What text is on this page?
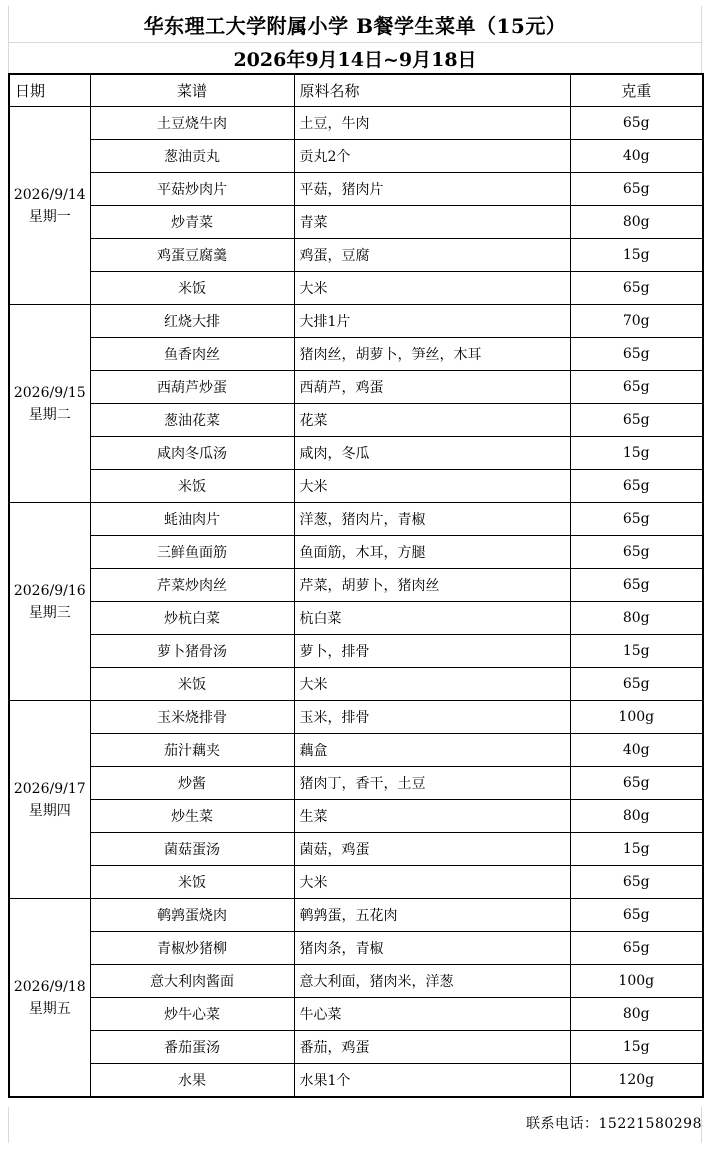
华东理工大学附属小学 B餐学生菜单（15元）
2026年9月14日~9月18日
日期	菜谱	原料名称	克重

2026/9/14
星期一	土豆烧牛肉	土豆，牛肉	65g
	葱油贡丸	贡丸2个	40g
	平菇炒肉片	平菇，猪肉片	65g
	炒青菜	青菜	80g
	鸡蛋豆腐羹	鸡蛋，豆腐	15g
	米饭	大米	65g

2026/9/15
星期二	红烧大排	大排1片	70g
	鱼香肉丝	猪肉丝，胡萝卜，笋丝，木耳	65g
	西葫芦炒蛋	西葫芦，鸡蛋	65g
	葱油花菜	花菜	65g
	咸肉冬瓜汤	咸肉，冬瓜	15g
	米饭	大米	65g

2026/9/16
星期三	蚝油肉片	洋葱，猪肉片，青椒	65g
	三鲜鱼面筋	鱼面筋，木耳，方腿	65g
	芹菜炒肉丝	芹菜，胡萝卜，猪肉丝	65g
	炒杭白菜	杭白菜	80g
	萝卜猪骨汤	萝卜，排骨	15g
	米饭	大米	65g

2026/9/17
星期四	玉米烧排骨	玉米，排骨	100g
	茄汁藕夹	藕盒	40g
	炒酱	猪肉丁，香干，土豆	65g
	炒生菜	生菜	80g
	菌菇蛋汤	菌菇，鸡蛋	15g
	米饭	大米	65g

2026/9/18
星期五	鹌鹑蛋烧肉	鹌鹑蛋，五花肉	65g
	青椒炒猪柳	猪肉条，青椒	65g
	意大利肉酱面	意大利面，猪肉米，洋葱	100g
	炒牛心菜	牛心菜	80g
	番茄蛋汤	番茄，鸡蛋	15g
	水果	水果1个	120g
联系电话：15221580298
